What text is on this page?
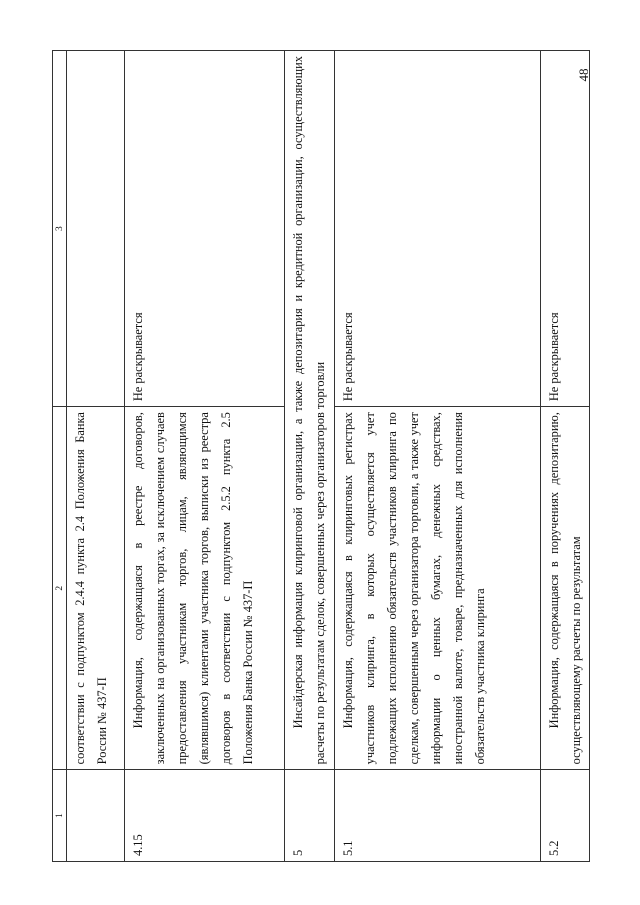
48
1	2	3
	соответствии с подпунктом 2.4.4 пункта 2.4 Положения Банка России № 437-П	
4.15	Информация, содержащаяся в реестре договоров, заключенных на организованных торгах, за исключением случаев предоставления участникам торгов, лицам, являющимся (являвшимся) клиентами участника торгов, выписки из реестра договоров в соответствии с подпунктом 2.5.2 пункта 2.5 Положения Банка России № 437-П	Не раскрывается
5	Инсайдерская информация клиринговой организации, а также депозитария и кредитной организации, осуществляющих расчеты по результатам сделок, совершенных через организаторов торговли	
5.1	Информация, содержащаяся в клиринговых регистрах участников клиринга, в которых осуществляется учет подлежащих исполнению обязательств участников клиринга по сделкам, совершенным через организатора торговли, а также учет информации о ценных бумагах, денежных средствах, иностранной валюте, товаре, предназначенных для исполнения обязательств участника клиринга	Не раскрывается
5.2	Информация, содержащаяся в поручениях депозитарию, осуществляющему расчеты по результатам	Не раскрывается
